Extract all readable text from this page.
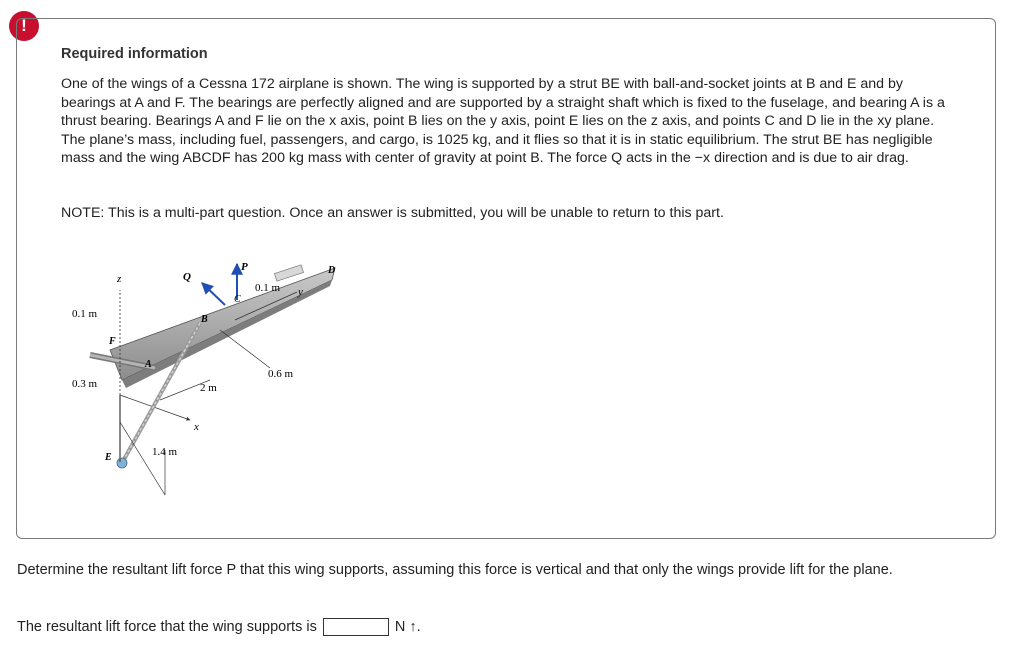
!
Required information

One of the wings of a Cessna 172 airplane is shown. The wing is supported by a strut BE with ball-and-socket joints at B and E and by bearings at A and F. The bearings are perfectly aligned and are supported by a straight shaft which is fixed to the fuselage, and bearing A is a thrust bearing. Bearings A and F lie on the x axis, point B lies on the y axis, point E lies on the z axis, and points C and D lie in the xy plane. The plane’s mass, including fuel, passengers, and cargo, is 1025 kg, and it flies so that it is in static equilibrium. The strut BE has negligible mass and the wing ABCDF has 200 kg mass with center of gravity at point B. The force Q acts in the −x direction and is due to air drag.

NOTE: This is a multi-part question. Once an answer is submitted, you will be unable to return to this part.
z
x
y
P
Q
D
C
B
F
A
E
0.1 m
0.1 m
0.3 m
0.6 m
2 m
1.4 m
Determine the resultant lift force P that this wing supports, assuming this force is vertical and that only the wings provide lift for the plane.
The resultant lift force that the wing supports is	N ↑.
